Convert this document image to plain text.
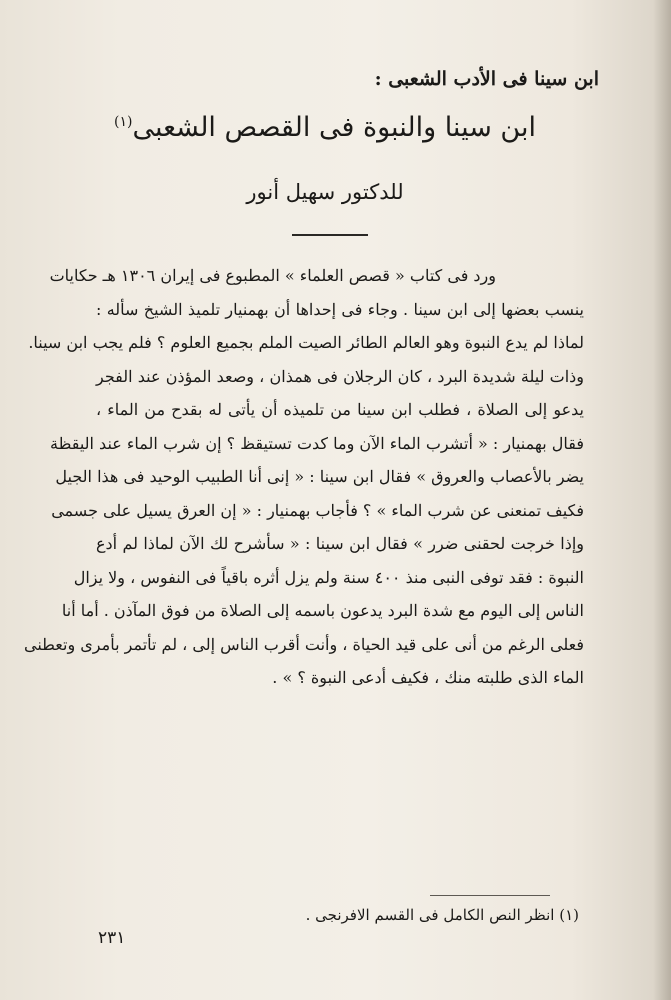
ابن سينا فى الأدب الشعبى :
ابن سينا والنبوة فى القصص الشعبى$^{(١)}$
للدكتور سهيل أنور
ورد فى كتاب « قصص العلماء » المطبوع فى إيران ١٣٠٦ هـ حكايات
ينسب بعضها إلى ابن سينا . وجاء فى إحداها أن بهمنيار تلميذ الشيخ سأله :
لماذا لم يدع النبوة وهو العالم الطائر الصيت الملم بجميع العلوم ؟ فلم يجب ابن سينا.
وذات ليلة شديدة البرد ، كان الرجلان فى همذان ، وصعد المؤذن عند الفجر
يدعو إلى الصلاة ، فطلب ابن سينا من تلميذه أن يأتى له بقدح من الماء ،
فقال بهمنيار : « أتشرب الماء الآن وما كدت تستيقظ ؟ إن شرب الماء عند اليقظة
يضر بالأعصاب والعروق » فقال ابن سينا : « إنى أنا الطبيب الوحيد فى هذا الجيل
فكيف تمنعنى عن شرب الماء » ؟ فأجاب بهمنيار : « إن العرق يسيل على جسمى
وإذا خرجت لحقنى ضرر » فقال ابن سينا : « سأشرح لك الآن لماذا لم أدع
النبوة : فقد توفى النبى منذ ٤٠٠ سنة ولم يزل أثره باقياً فى النفوس ، ولا يزال
الناس إلى اليوم مع شدة البرد يدعون باسمه إلى الصلاة من فوق المآذن . أما أنا
فعلى الرغم من أنى على قيد الحياة ، وأنت أقرب الناس إلى ، لم تأتمر بأمرى وتعطنى
الماء الذى طلبته منك ، فكيف أدعى النبوة ؟ » .
(١) انظر النص الكامل فى القسم الافرنجى .
٢٣١
